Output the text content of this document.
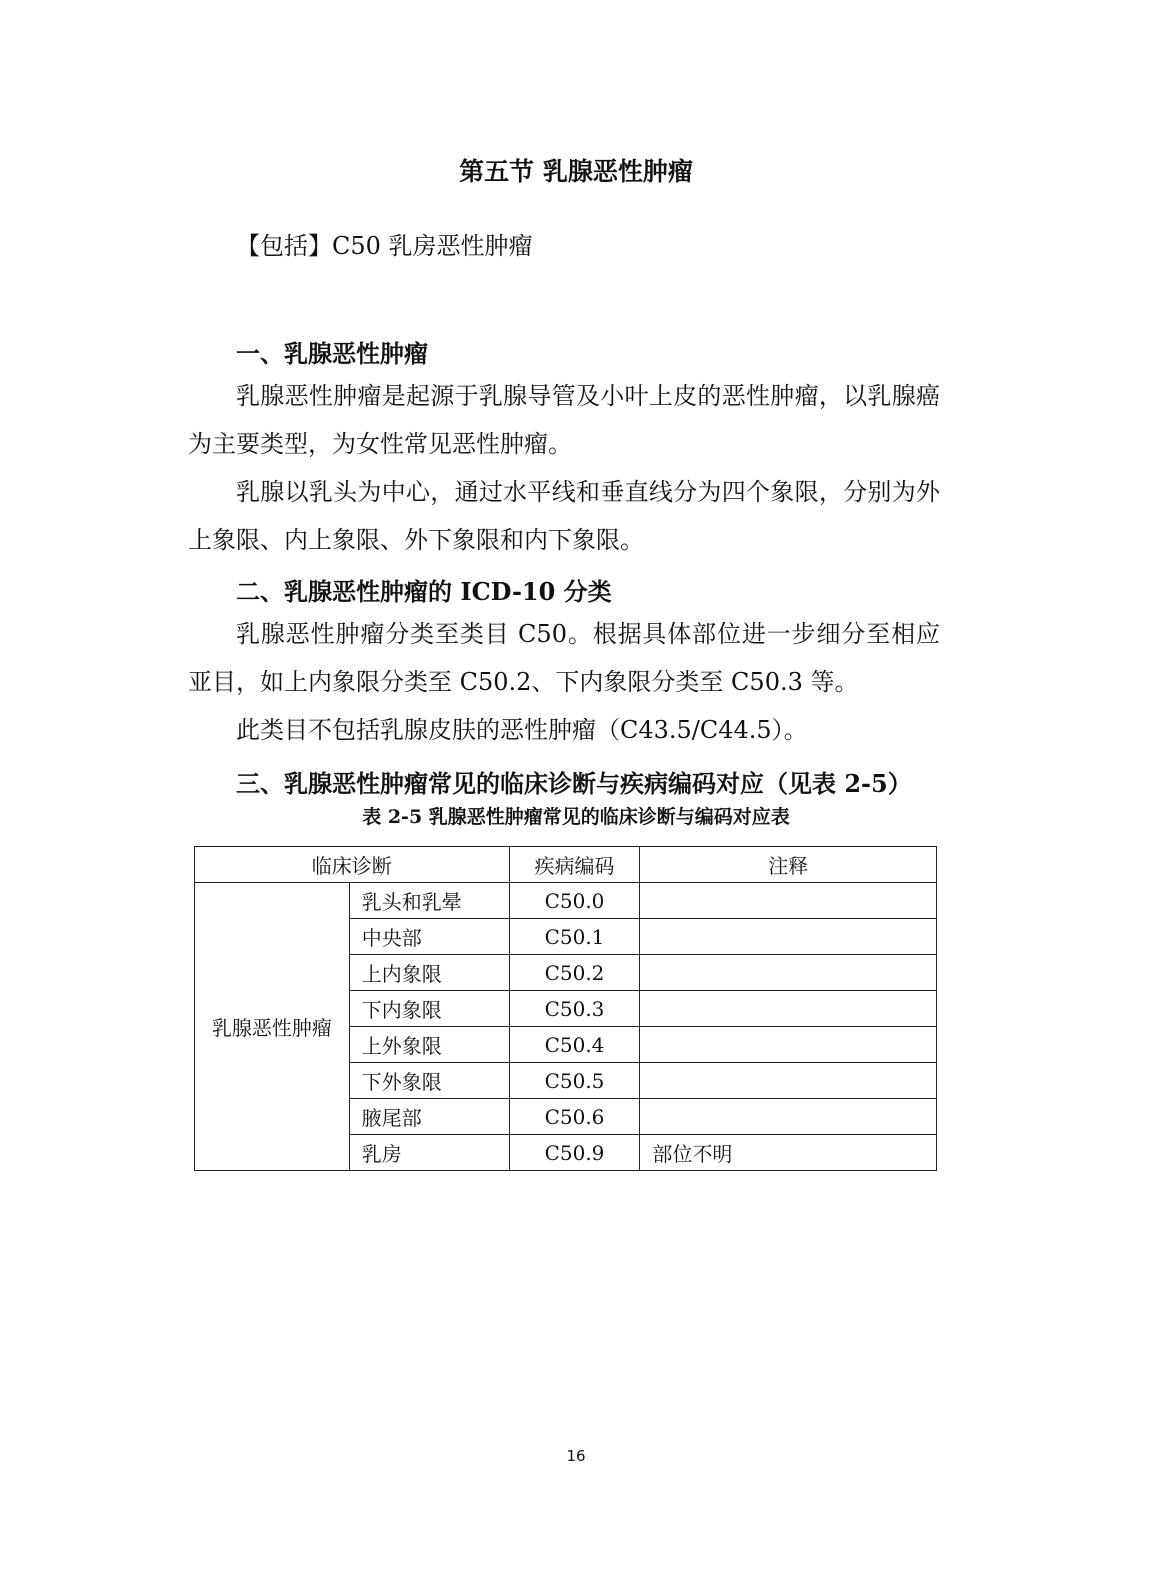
第五节 乳腺恶性肿瘤
【包括】C50 乳房恶性肿瘤
一、乳腺恶性肿瘤
乳腺恶性肿瘤是起源于乳腺导管及小叶上皮的恶性肿瘤，以乳腺癌为主要类型，为女性常见恶性肿瘤。
乳腺以乳头为中心，通过水平线和垂直线分为四个象限，分别为外上象限、内上象限、外下象限和内下象限。
二、乳腺恶性肿瘤的 ICD-10 分类
乳腺恶性肿瘤分类至类目 C50。根据具体部位进一步细分至相应亚目，如上内象限分类至 C50.2、下内象限分类至 C50.3 等。
此类目不包括乳腺皮肤的恶性肿瘤（C43.5/C44.5）。
三、乳腺恶性肿瘤常见的临床诊断与疾病编码对应（见表 2-5）
表 2-5 乳腺恶性肿瘤常见的临床诊断与编码对应表
临床诊断		疾病编码	注释
乳腺恶性肿瘤	乳头和乳晕	C50.0	
	中央部	C50.1	
	上内象限	C50.2	
	下内象限	C50.3	
	上外象限	C50.4	
	下外象限	C50.5	
	腋尾部	C50.6	
	乳房	C50.9	部位不明
16
